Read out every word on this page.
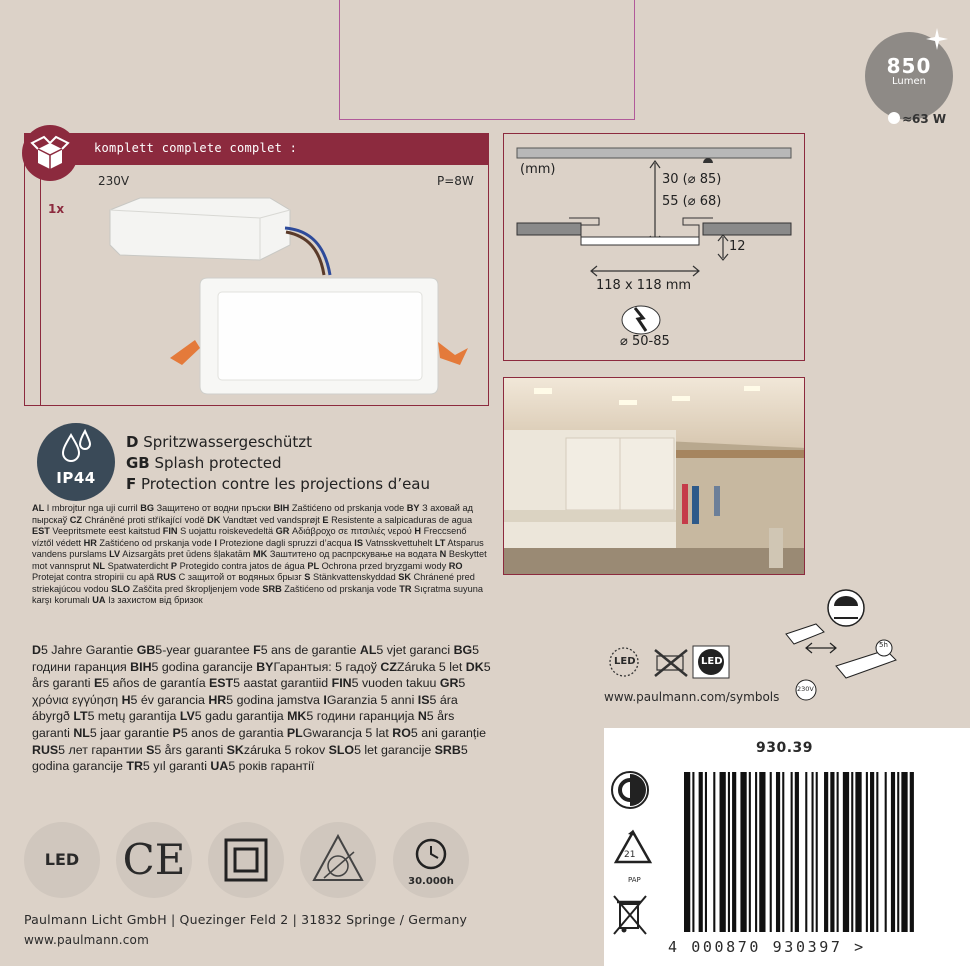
850
Lumen
≈63 W
komplett complete complet :
1x
230V	P=8W
(mm)
30 (⌀ 85)
55 (⌀ 68)
12
118 x 118 mm
⌀ 50-85
IP44
D Spritzwassergeschützt
GB Splash protected
F Protection contre les projections d’eau
AL I mbrojtur nga uji curril BG Защитено от водни пръски BIH Zaštićeno od prskanja vode BY З аховай ад пырскаў CZ Chráněné proti stříkající vodě DK Vandtæt ved vandsprøjt E Resistente a salpicaduras de agua EST Veepritsmete eest kaitstud FIN S uojattu roiskevedeltä GR Αδιάβροχο σε πιτσιλιές νερού H Freccsenő víztől védett HR Zaštićeno od prskanja vode I Protezione dagli spruzzi d’acqua IS Vatnsskvettuhelt LT Atsparus vandens purslams LV Aizsargāts pret ūdens šļakatām MK Заштитено од распрскување на водата N Beskyttet mot vannsprut NL Spatwaterdicht P Protegido contra jatos de água PL Ochrona przed bryzgami wody RO Protejat contra stropirii cu apă RUS С защитой от водяных брызг S Stänkvattenskyddad SK Chránené pred striekajúcou vodou SLO Zaščita pred škropljenjem vode SRB Zaštićeno od prskanja vode TR Sıçratma suyuna karşı korumalı UA Із захистом від бризок
D5 Jahre Garantie GB5-year guarantee F5 ans de garantie AL5 vjet garanci BG5 години гаранция BIH5 godina garancije BYГарантыя: 5 гадоў CZZáruka 5 let DK5 års garanti E5 años de garantía EST5 aastat garantiid FIN5 vuoden takuu GR5 χρόνια εγγύηση H5 év garancia HR5 godina jamstva IGaranzia 5 anni IS5 ára ábyrgð LT5 metų garantija LV5 gadu garantija MK5 години гаранција N5 års garanti NL5 jaar garantie P5 anos de garantia PLGwarancja 5 lat RO5 ani garanție RUS5 лет гарантии S5 års garanti SKzáruka 5 rokov SLO5 let garancije SRB5 godina garancije TR5 yıl garanti UA5 років гарантії
LED	CE	30.000h
Paulmann Licht GmbH | Quezinger Feld 2 | 31832 Springe / Germany
www.paulmann.com
LED	LED
www.paulmann.com/symbols
5h
230V
930.39
21
PAP
4 000870 930397 >
